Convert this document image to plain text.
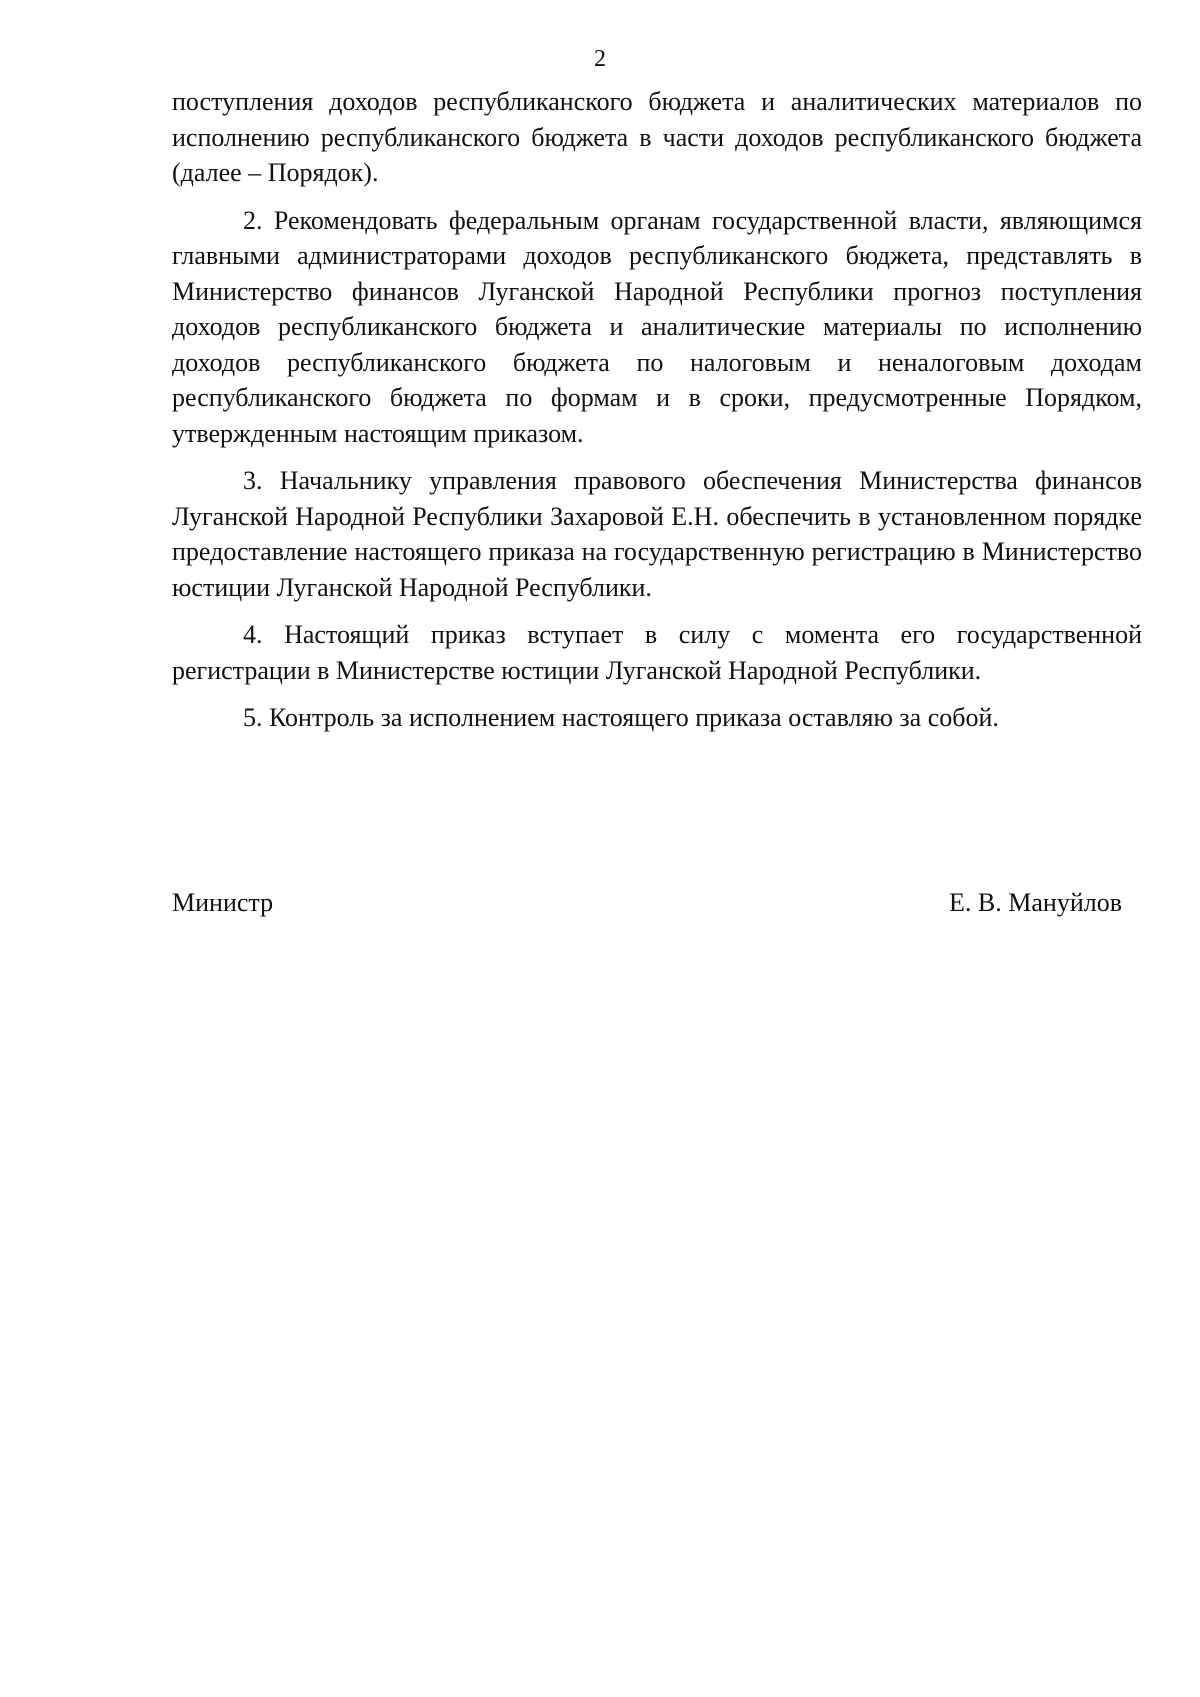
2

поступления доходов республиканского бюджета и аналитических материалов по исполнению республиканского бюджета в части доходов республиканского бюджета (далее – Порядок).

2. Рекомендовать федеральным органам государственной власти, являющимся главными администраторами доходов республиканского бюджета, представлять в Министерство финансов Луганской Народной Республики прогноз поступления доходов республиканского бюджета и аналитические материалы по исполнению доходов республиканского бюджета по налоговым и неналоговым доходам республиканского бюджета по формам и в сроки, предусмотренные Порядком, утвержденным настоящим приказом.

3. Начальнику управления правового обеспечения Министерства финансов Луганской Народной Республики Захаровой Е.Н. обеспечить в установленном порядке предоставление настоящего приказа на государственную регистрацию в Министерство юстиции Луганской Народной Республики.

4. Настоящий приказ вступает в силу с момента его государственной регистрации в Министерстве юстиции Луганской Народной Республики.

5. Контроль за исполнением настоящего приказа оставляю за собой.

Министр	Е. В. Мануйлов
